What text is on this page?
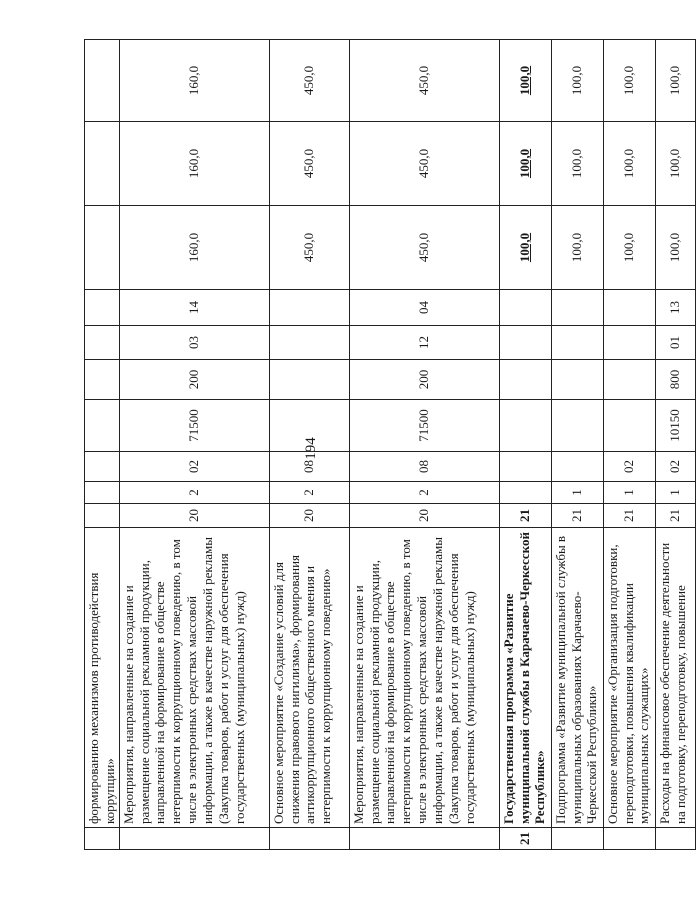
194
	формированию механизмов противодействия коррупции»										
	Мероприятия, направленные на создание и размещение социальной рекламной продукции, направленной на формирование в обществе нетерпимости к коррупционному поведению, в том числе в электронных средствах массовой информации, а также в качестве наружной рекламы (Закупка товаров, работ и услуг для обеспечения государственных (муниципальных) нужд)	20	2	02	71500	200	03	14	160,0	160,0	160,0
	Основное мероприятие «Создание условий для снижения правового нигилизма», формирования антикоррупционного общественного мнения и нетерпимости к коррупционному поведению»	20	2	08					450,0	450,0	450,0
	Мероприятия, направленные на создание и размещение социальной рекламной продукции, направленной на формирование в обществе нетерпимости к коррупционному поведению, в том числе в электронных средствах массовой информации, а также в качестве наружной рекламы (Закупка товаров, работ и услуг для обеспечения государственных (муниципальных) нужд)	20	2	08	71500	200	12	04	450,0	450,0	450,0
21	Государственная программа «Развитие муниципальной службы в Карачаево-Черкесской Республике»	21							100,0	100,0	100,0
	Подпрограмма «Развитие муниципальной службы в муниципальных образованиях Карачаево-Черкесской Республики»	21	1						100,0	100,0	100,0
	Основное мероприятие «Организация подготовки, переподготовки, повышения квалификации муниципальных служащих»	21	1	02					100,0	100,0	100,0
	Расходы на финансовое обеспечение деятельности на подготовку, переподготовку, повышение	21	1	02	10150	800	01	13	100,0	100,0	100,0
